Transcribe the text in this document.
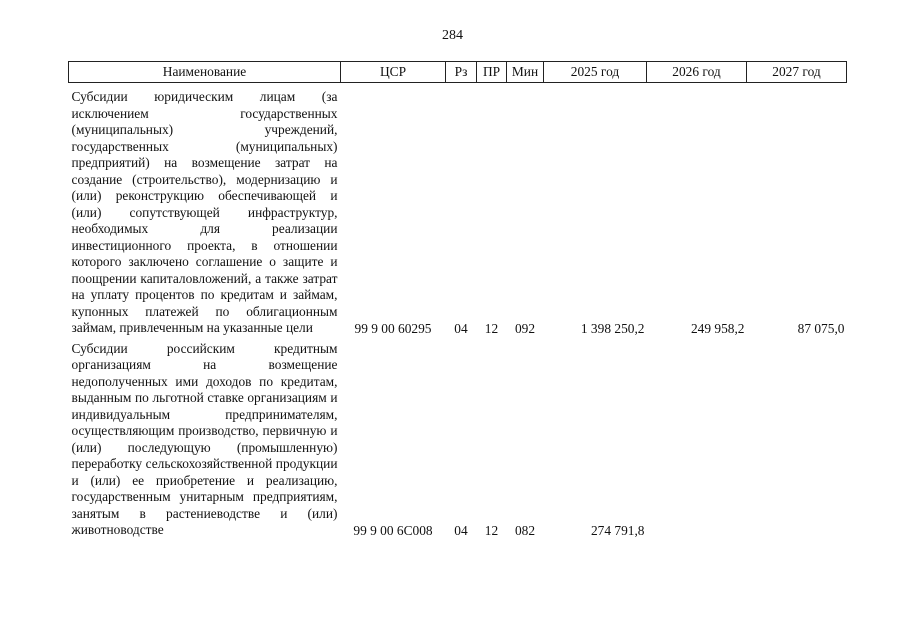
284
Наименование	ЦСР	Рз	ПР	Мин	2025 год	2026 год	2027 год
Субсидии юридическим лицам (за исключением государственных (муниципальных) учреждений, государственных (муниципальных) предприятий) на возмещение затрат на создание (строительство), модернизацию и (или) реконструкцию обеспечивающей и (или) сопутствующей инфраструктур, необходимых для реализации инвестиционного проекта, в отношении которого заключено соглашение о защите и поощрении капиталовложений, а также затрат на уплату процентов по кредитам и займам, купонных платежей по облигационным займам, привлеченным на указанные цели	99 9 00 60295	04	12	092	1 398 250,2	249 958,2	87 075,0
Субсидии российским кредитным организациям на возмещение недополученных ими доходов по кредитам, выданным по льготной ставке организациям и индивидуальным предпринимателям, осуществляющим производство, первичную и (или) последующую (промышленную) переработку сельскохозяйственной продукции и (или) ее приобретение и реализацию, государственным унитарным предприятиям, занятым в растениеводстве и (или) животноводстве	99 9 00 6С008	04	12	082	274 791,8		
